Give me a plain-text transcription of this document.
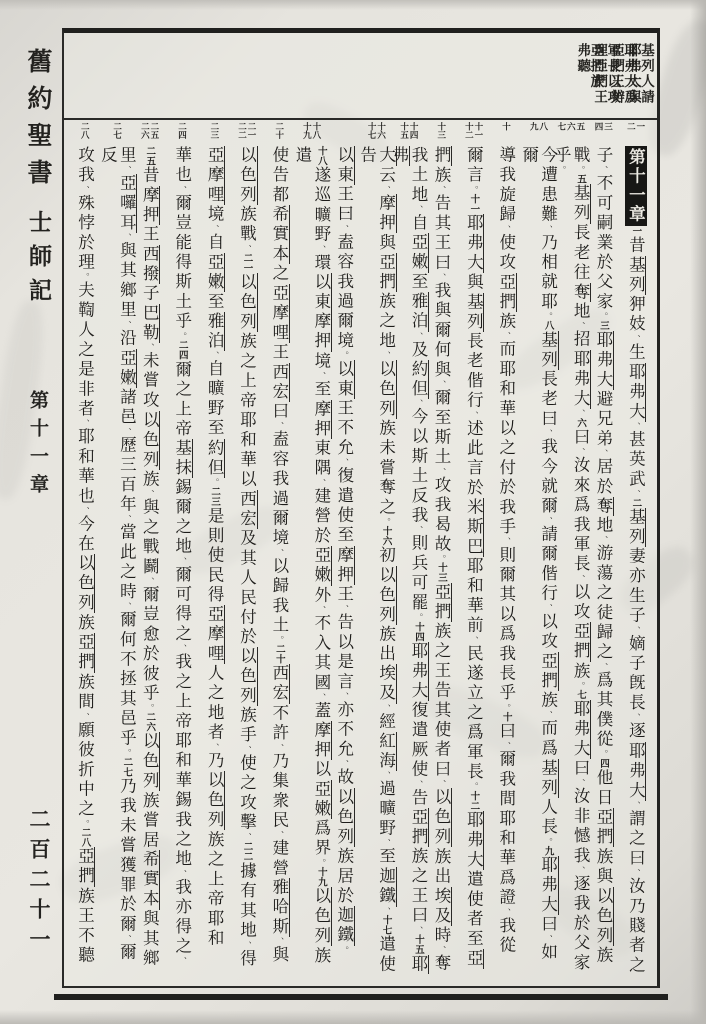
基列人請
耶弗大爲
軍長以攻
亞捫族 耶弗大與
亞捫王辨
理亞捫王
弗聽
一
二
第十一章一昔基列狎妓、生耶弗大、甚英武、二基列妻亦生子、嫡子旣長、逐耶弗大、謂之曰、汝乃賤者之
三
四
子、不可嗣業於父家。三耶弗大避兄弟、居於奪地、游蕩之徒歸之、爲其僕從。四他日亞捫族與以色列族
五
六
七
戰。五基列長老往奪地、招耶弗大、六曰、汝來爲我軍長、以攻亞捫族。七耶弗大曰、汝非憾我、逐我於父家乎。
八
九
今遭患難、乃相就耶。八基列長老曰、我今就爾、請爾偕行、以攻亞捫族、而爲基列人長。九耶弗大曰、如爾
十
導我旋歸、使攻亞捫族、而耶和華以之付於我手、則爾其以爲我長乎。十曰、爾我間耶和華爲證、我從
十一
十二
爾言。十一耶弗大與基列長老偕行、述此言於米斯巴耶和華前、民遂立之爲軍長。十二耶弗大遣使者至亞
十三
捫族、告其王曰、我與爾何與、爾至斯土、攻我曷故。十三亞捫族之王告其使者曰、以色列族出埃及時、奪
十四
十五
我土地、自亞嫩至雅泊、及約但、今以斯土反我、則兵可罷。十四耶弗大復遣厥使、告亞捫族之王曰、十五耶弗
十六
十七
大云、摩押與亞捫族之地、以色列族未嘗奪之。十六初以色列族出埃及、經紅海、過曠野、至迦鐵、十七遣使告
以東王曰、盍容我過爾境。以東王不允、復遣使至摩押王、告以是言、亦不允、故以色列族居於迦鐵。
十八
十九
十八遂巡曠野、環以東摩押境、至摩押東隅、建營於亞嫩外、不入其國、蓋摩押以亞嫩爲界。十九以色列族遣
二十
使告都希實本之亞摩哩王西宏曰、盍容我過爾境、以歸我土。二十西宏不許、乃集衆民、建營雅哈斯、與
二一
二二
以色列族戰、二一以色列族之上帝耶和華以西宏及其人民付於以色列族手、使之攻擊、二二據有其地、得
二三
亞摩哩境、自亞嫩至雅泊、自曠野至約但。二三是則使民得亞摩哩人之地者、乃以色列族之上帝耶和
二四
華也、爾豈能得斯土乎。二四爾之上帝基抹錫爾之地、爾可得之、我之上帝耶和華錫我之地、我亦得之、
二五
二六
二五昔摩押王西撥子巴勒、未嘗攻以色列族、與之戰鬬、爾豈愈於彼乎。二六以色列族嘗居希實本與其鄉
二七
里、亞囉耳、與其鄉里、沿亞嫩諸邑、歷三百年、當此之時、爾何不拯其邑乎。二七乃我未嘗獲罪於爾、爾反
二八
攻我、殊悖於理。夫鞫人之是非者、耶和華也、今在以色列族亞捫族間、願彼折中之。二八亞捫族王不聽
舊約聖書
士師記
第十一章
二百二十一
